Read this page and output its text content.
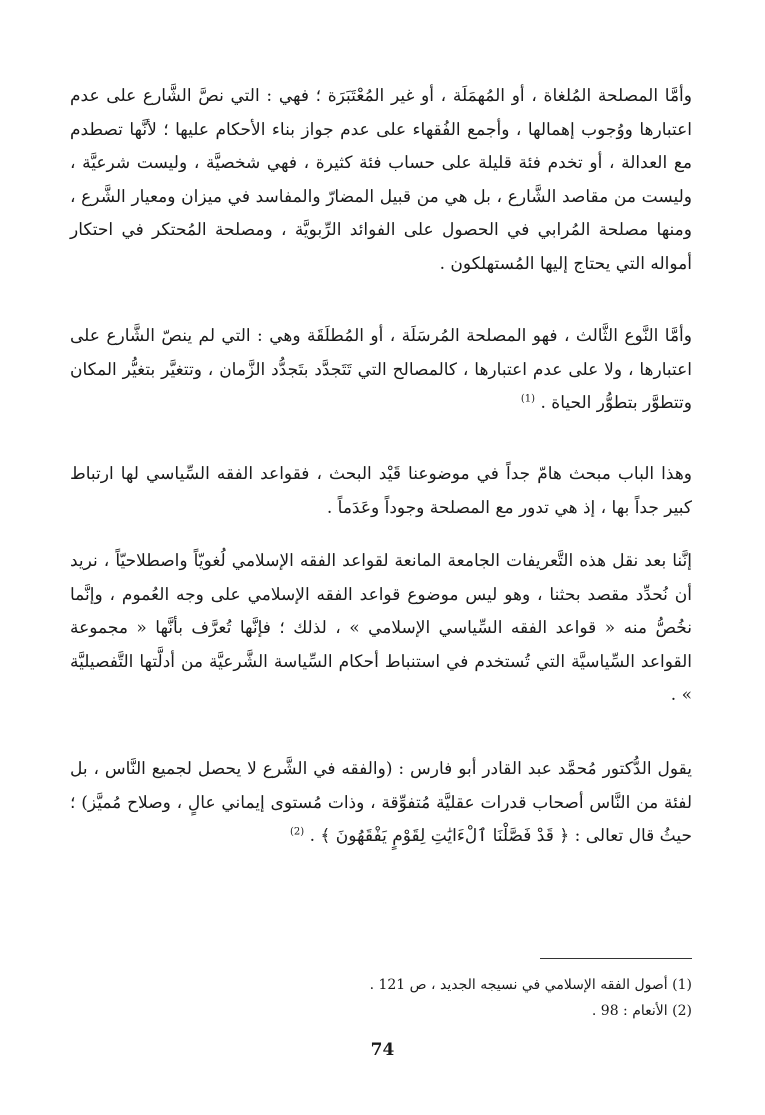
وأمَّا المصلحة المُلغاة ، أو المُهمَلَة ، أو غير المُعْتَبَرَة ؛ فهي : التي نصَّ الشَّارع على عدم اعتبارها ووُجوب إهمالها ، وأجمع الفُقهاء على عدم جواز بناء الأحكام عليها ؛ لأنَّها تصطدم مع العدالة ، أو تخدم فئة قليلة على حساب فئة كثيرة ، فهي شخصيَّة ، وليست شرعيَّة ، وليست من مقاصد الشَّارع ، بل هي من قبيل المضارّ والمفاسد في ميزان ومعيار الشَّرع ، ومنها مصلحة المُرابي في الحصول على الفوائد الرِّبويَّة ، ومصلحة المُحتكر في احتكار أمواله التي يحتاج إليها المُستهلكون .

وأمَّا النَّوع الثَّالث ، فهو المصلحة المُرسَلَة ، أو المُطلَقَة وهي : التي لم ينصّ الشَّارع على اعتبارها ، ولا على عدم اعتبارها ، كالمصالح التي تَتَجدَّد بتَجدُّد الزَّمان ، وتتغيَّر بتغيُّر المكان وتتطوَّر بتطوُّر الحياة . $^{(1)}$

وهذا الباب مبحث هامّ جداً في موضوعنا قَيْد البحث ، فقواعد الفقه السِّياسي لها ارتباط كبير جداً بها ، إذ هي تدور مع المصلحة وجوداً وعَدَماً .

إنَّنا بعد نقل هذه التَّعريفات الجامعة المانعة لقواعد الفقه الإسلامي لُغويّاً واصطلاحيّاً ، نريد أن نُحدِّد مقصد بحثنا ، وهو ليس موضوع قواعد الفقه الإسلامي على وجه العُموم ، وإنَّما نخُصُّ منه « قواعد الفقه السِّياسي الإسلامي » ، لذلك ؛ فإنَّها تُعرَّف بأنَّها « مجموعة القواعد السِّياسيَّة التي تُستخدم في استنباط أحكام السِّياسة الشَّرعيَّة من أدلَّتها التَّفصيليَّة » .

يقول الدُّكتور مُحمَّد عبد القادر أبو فارس : (والفقه في الشَّرع لا يحصل لجميع النَّاس ، بل لفئة من النَّاس أصحاب قدرات عقليَّة مُتفوِّقة ، وذات مُستوى إيماني عالٍ ، وصلاح مُميَّز) ؛ حيثُ قال تعالى : ﴿ قَدْ فَصَّلْنَا ٱلْءَايَٰتِ لِقَوْمٍ يَفْقَهُونَ ﴾ . $^{(2)}$

(1) أصول الفقه الإسلامي في نسيجه الجديد ، ص 121 .

(2) الأنعام : 98 .

74
